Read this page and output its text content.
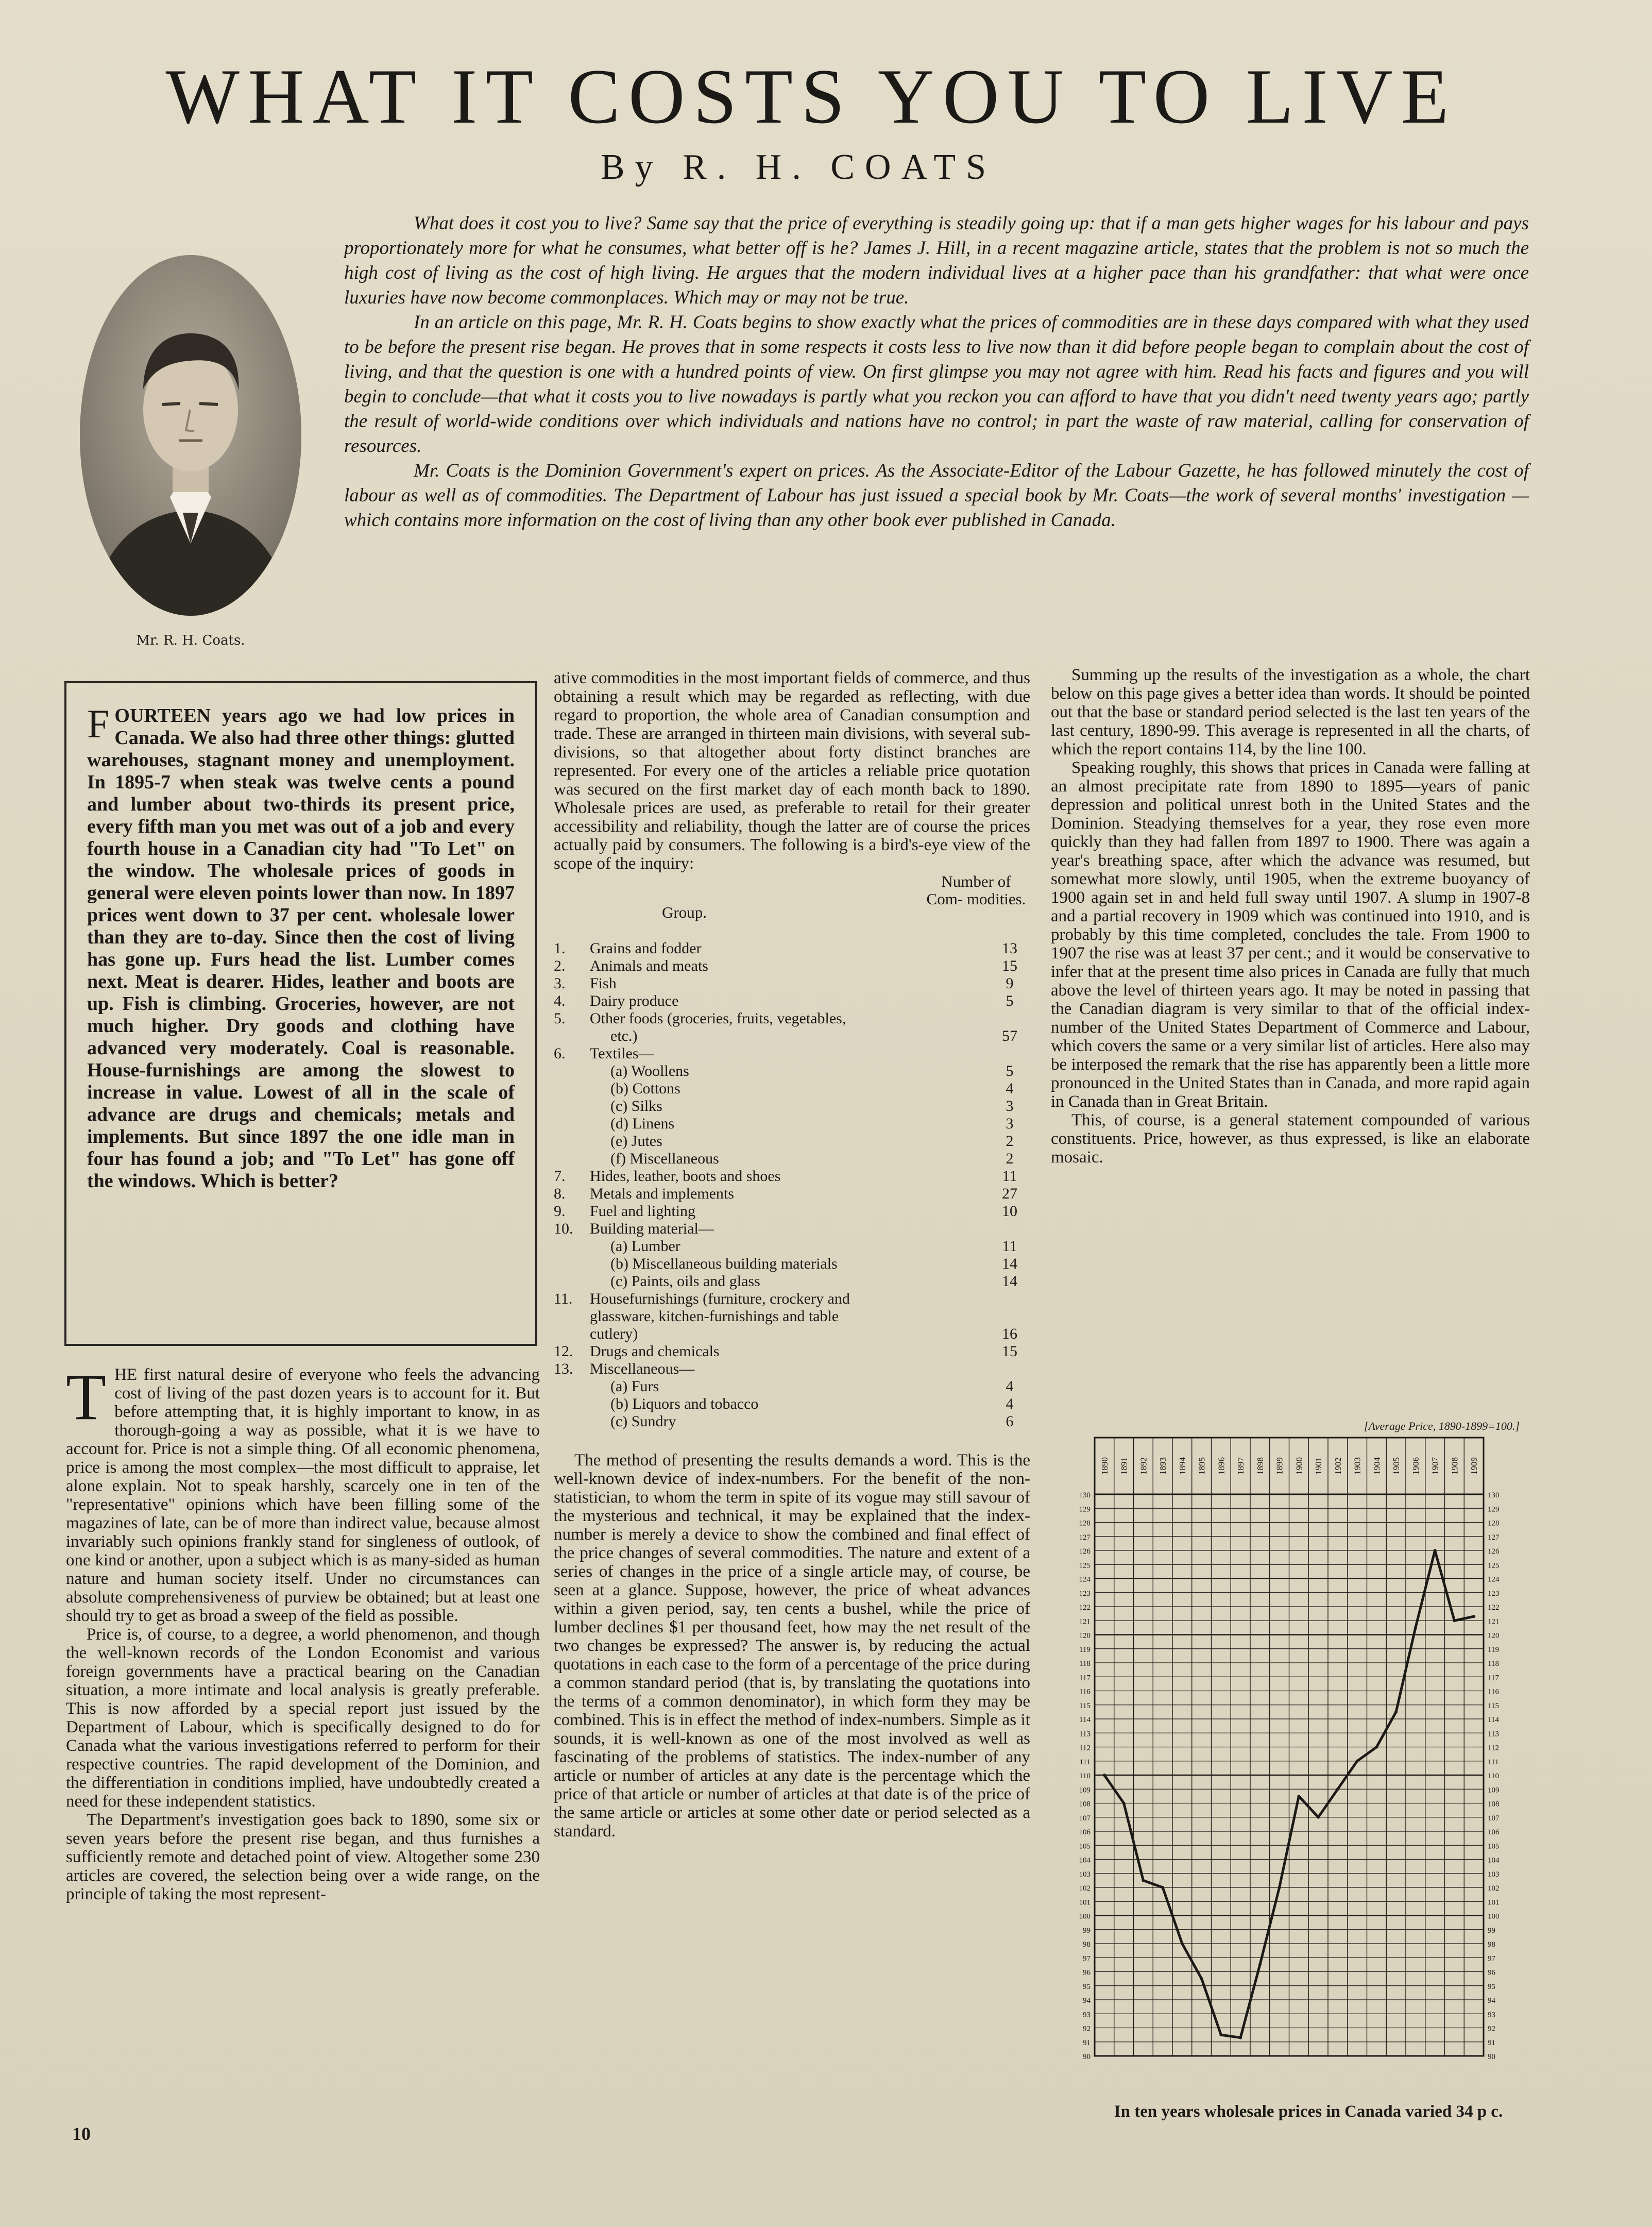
WHAT IT COSTS YOU TO LIVE
By R. H. COATS
Mr. R. H. Coats.

What does it cost you to live? Same say that the price of everything is steadily going up: that if a man gets higher wages for his labour and pays proportionately more for what he consumes, what better off is he? James J. Hill, in a recent magazine article, states that the problem is not so much the high cost of living as the cost of high living. He argues that the modern individual lives at a higher pace than his grandfather: that what were once luxuries have now become commonplaces. Which may or may not be true.

In an article on this page, Mr. R. H. Coats begins to show exactly what the prices of commodities are in these days compared with what they used to be before the present rise began. He proves that in some respects it costs less to live now than it did before people began to complain about the cost of living, and that the question is one with a hundred points of view. On first glimpse you may not agree with him. Read his facts and figures and you will begin to conclude—that what it costs you to live nowadays is partly what you reckon you can afford to have that you didn't need twenty years ago; partly the result of world-wide conditions over which individuals and nations have no control; in part the waste of raw material, calling for conservation of resources.

Mr. Coats is the Dominion Government's expert on prices. As the Associate-Editor of the Labour Gazette, he has followed minutely the cost of labour as well as of commodities. The Department of Labour has just issued a special book by Mr. Coats—the work of several months' investigation —which contains more information on the cost of living than any other book ever published in Canada.

FOURTEEN years ago we had low prices in Canada. We also had three other things: glutted warehouses, stagnant money and unemployment. In 1895-7 when steak was twelve cents a pound and lumber about two-thirds its present price, every fifth man you met was out of a job and every fourth house in a Canadian city had "To Let" on the window. The wholesale prices of goods in general were eleven points lower than now. In 1897 prices went down to 37 per cent. wholesale lower than they are to-day. Since then the cost of living has gone up. Furs head the list. Lumber comes next. Meat is dearer. Hides, leather and boots are up. Fish is climbing. Groceries, however, are not much higher. Dry goods and clothing have advanced very moderately. Coal is reasonable. House-furnishings are among the slowest to increase in value. Lowest of all in the scale of advance are drugs and chemicals; metals and implements. But since 1897 the one idle man in four has found a job; and "To Let" has gone off the windows. Which is better?

THE first natural desire of everyone who feels the advancing cost of living of the past dozen years is to account for it. But before attempting that, it is highly important to know, in as thorough-going a way as possible, what it is we have to account for. Price is not a simple thing. Of all economic phenomena, price is among the most complex—the most difficult to appraise, let alone explain. Not to speak harshly, scarcely one in ten of the "representative" opinions which have been filling some of the magazines of late, can be of more than indirect value, because almost invariably such opinions frankly stand for singleness of outlook, of one kind or another, upon a subject which is as many-sided as human nature and human society itself. Under no circumstances can absolute comprehensiveness of purview be obtained; but at least one should try to get as broad a sweep of the field as possible.

Price is, of course, to a degree, a world phenomenon, and though the well-known records of the London Economist and various foreign governments have a practical bearing on the Canadian situation, a more intimate and local analysis is greatly preferable. This is now afforded by a special report just issued by the Department of Labour, which is specifically designed to do for Canada what the various investigations referred to perform for their respective countries. The rapid development of the Dominion, and the differentiation in conditions implied, have undoubtedly created a need for these independent statistics.

The Department's investigation goes back to 1890, some six or seven years before the present rise began, and thus furnishes a sufficiently remote and detached point of view. Altogether some 230 articles are covered, the selection being over a wide range, on the principle of taking the most represent-

ative commodities in the most important fields of commerce, and thus obtaining a result which may be regarded as reflecting, with due regard to proportion, the whole area of Canadian consumption and trade. These are arranged in thirteen main divisions, with several sub-divisions, so that altogether about forty distinct branches are represented. For every one of the articles a reliable price quotation was secured on the first market day of each month back to 1890. Wholesale prices are used, as preferable to retail for their greater accessibility and reliability, though the latter are of course the prices actually paid by consumers. The following is a bird's-eye view of the scope of the inquiry:

Group.
Number of Com- modities.
1.	Grains and fodder	13
2.	Animals and meats	15
3.	Fish	9
4.	Dairy produce	5
5.	Other foods (groceries, fruits, vegetables,
etc.)	57
6.	Textiles—
(a) Woollens	5
(b) Cottons	4
(c) Silks	3
(d) Linens	3
(e) Jutes	2
(f) Miscellaneous	2
7.	Hides, leather, boots and shoes	11
8.	Metals and implements	27
9.	Fuel and lighting	10
10.	Building material—
(a) Lumber	11
(b) Miscellaneous building materials	14
(c) Paints, oils and glass	14
11.	Housefurnishings (furniture, crockery and
glassware, kitchen-furnishings and table
cutlery)	16
12.	Drugs and chemicals	15
13.	Miscellaneous—
(a) Furs	4
(b) Liquors and tobacco	4
(c) Sundry	6

The method of presenting the results demands a word. This is the well-known device of index-numbers. For the benefit of the non-statistician, to whom the term in spite of its vogue may still savour of the mysterious and technical, it may be explained that the index-number is merely a device to show the combined and final effect of the price changes of several commodities. The nature and extent of a series of changes in the price of a single article may, of course, be seen at a glance. Suppose, however, the price of wheat advances within a given period, say, ten cents a bushel, while the price of lumber declines $1 per thousand feet, how may the net result of the two changes be expressed? The answer is, by reducing the actual quotations in each case to the form of a percentage of the price during a common standard period (that is, by translating the quotations into the terms of a common denominator), in which form they may be combined. This is in effect the method of index-numbers. Simple as it sounds, it is well-known as one of the most involved as well as fascinating of the problems of statistics. The index-number of any article or number of articles at any date is the percentage which the price of that article or number of articles at that date is of the price of the same article or articles at some other date or period selected as a standard.

Summing up the results of the investigation as a whole, the chart below on this page gives a better idea than words. It should be pointed out that the base or standard period selected is the last ten years of the last century, 1890-99. This average is represented in all the charts, of which the report contains 114, by the line 100.

Speaking roughly, this shows that prices in Canada were falling at an almost precipitate rate from 1890 to 1895—years of panic depression and political unrest both in the United States and the Dominion. Steadying themselves for a year, they rose even more quickly than they had fallen from 1897 to 1900. There was again a year's breathing space, after which the advance was resumed, but somewhat more slowly, until 1905, when the extreme buoyancy of 1900 again set in and held full sway until 1907. A slump in 1907-8 and a partial recovery in 1909 which was continued into 1910, and is probably by this time completed, concludes the tale. From 1900 to 1907 the rise was at least 37 per cent.; and it would be conservative to infer that at the present time also prices in Canada are fully that much above the level of thirteen years ago. It may be noted in passing that the Canadian diagram is very similar to that of the official index-number of the United States Department of Commerce and Labour, which covers the same or a very similar list of articles. Here also may be interposed the remark that the rise has apparently been a little more pronounced in the United States than in Canada, and more rapid again in Canada than in Great Britain.

This, of course, is a general statement compounded of various constituents. Price, however, as thus expressed, is like an elaborate mosaic.

[Average Price, 1890-1899=100.]
90	90
91	91
92	92
93	93
94	94
95	95
96	96
97	97
98	98
99	99
100	100
101	101
102	102
103	103
104	104
105	105
106	106
107	107
108	108
109	109
110	110
111	111
112	112
113	113
114	114
115	115
116	116
117	117
118	118
119	119
120	120
121	121
122	122
123	123
124	124
125	125
126	126
127	127
128	128
129	129
130	130
1890 1891 1892 1893 1894 1895 1896 1897 1898 1899 1900 1901 1902 1903 1904 1905 1906 1907 1908 1909
In ten years wholesale prices in Canada varied 34 p c.
10
